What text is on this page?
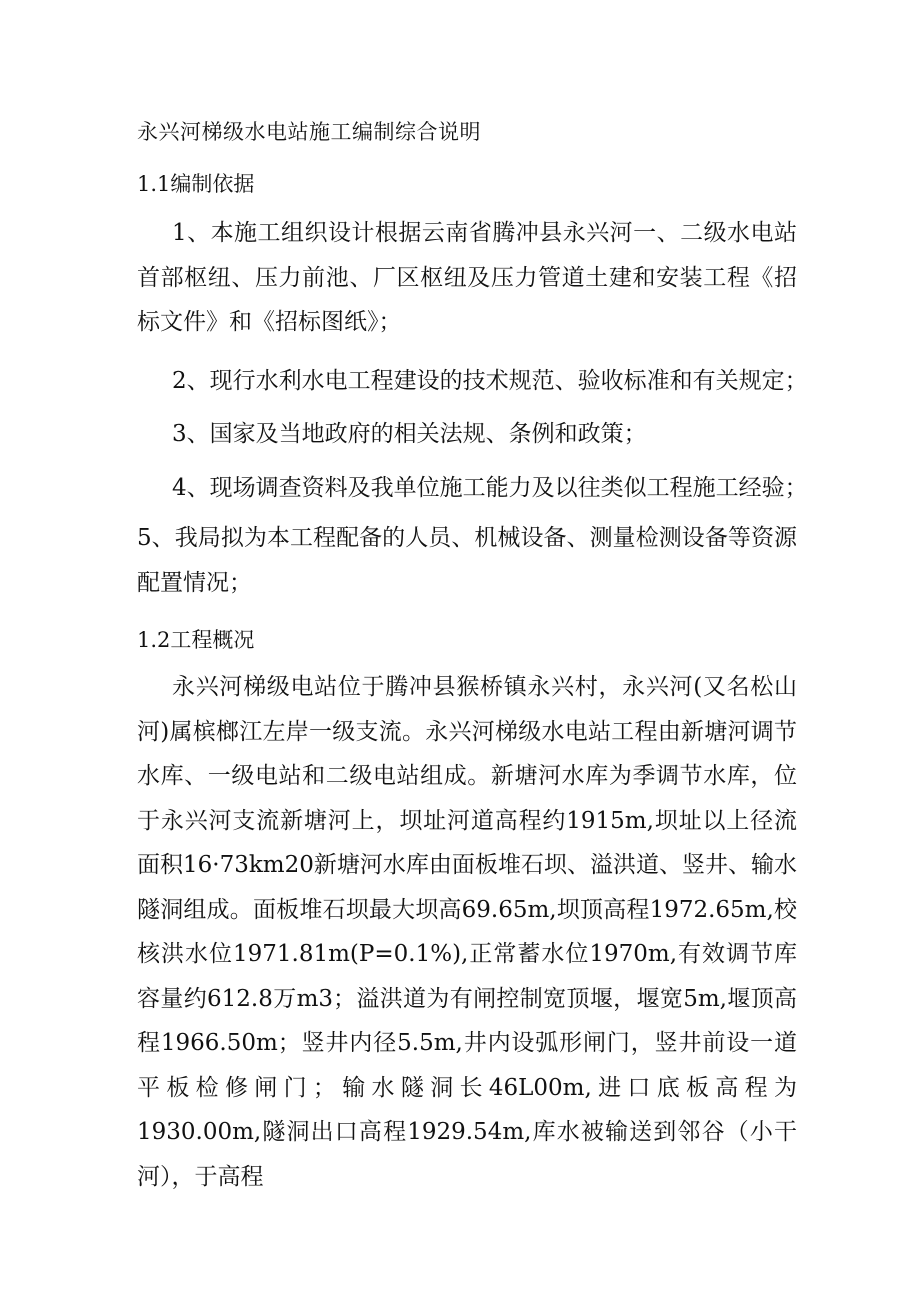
永兴河梯级水电站施工编制综合说明
1.1编制依据
1、本施工组织设计根据云南省腾冲县永兴河一、二级水电站首部枢纽、压力前池、厂区枢纽及压力管道土建和安装工程《招标文件》和《招标图纸》；
2、现行水利水电工程建设的技术规范、验收标准和有关规定；
3、国家及当地政府的相关法规、条例和政策；
4、现场调查资料及我单位施工能力及以往类似工程施工经验；
5、我局拟为本工程配备的人员、机械设备、测量检测设备等资源配置情况；
1.2工程概况
永兴河梯级电站位于腾冲县猴桥镇永兴村，永兴河(又名松山河)属槟榔江左岸一级支流。永兴河梯级水电站工程由新塘河调节水库、一级电站和二级电站组成。新塘河水库为季调节水库，位于永兴河支流新塘河上，坝址河道高程约1915m,坝址以上径流面积16·73km20新塘河水库由面板堆石坝、溢洪道、竖井、输水隧洞组成。面板堆石坝最大坝高69.65m,坝顶高程1972.65m,校核洪水位1971.81m(P=0.1%),正常蓄水位1970m,有效调节库容量约612.8万m3；溢洪道为有闸控制宽顶堰，堰宽5m,堰顶高程1966.50m；竖井内径5.5m,井内设弧形闸门，竖井前设一道平板检修闸门；输水隧洞长46L00m,进口底板高程为1930.00m,隧洞出口高程1929.54m,库水被输送到邻谷（小干河），于高程
